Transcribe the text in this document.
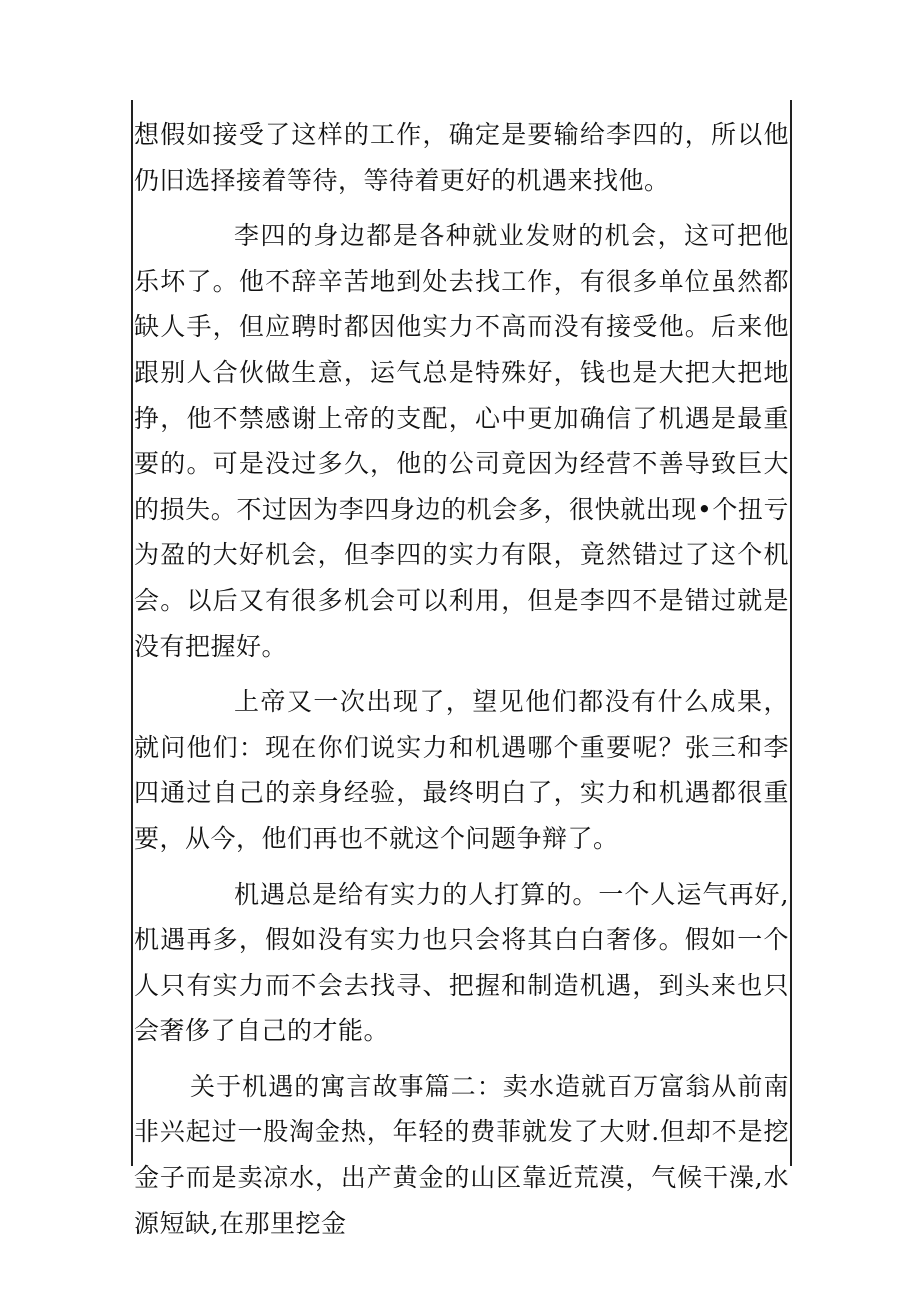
想假如接受了这样的工作，确定是要输给李四的，所以他仍旧选择接着等待，等待着更好的机遇来找他。

李四的身边都是各种就业发财的机会，这可把他乐坏了。他不辞辛苦地到处去找工作，有很多单位虽然都缺人手，但应聘时都因他实力不高而没有接受他。后来他跟别人合伙做生意，运气总是特殊好，钱也是大把大把地挣，他不禁感谢上帝的支配，心中更加确信了机遇是最重要的。可是没过多久，他的公司竟因为经营不善导致巨大的损失。不过因为李四身边的机会多，很快就出现•个扭亏为盈的大好机会，但李四的实力有限，竟然错过了这个机会。以后又有很多机会可以利用，但是李四不是错过就是没有把握好。

上帝又一次出现了，望见他们都没有什么成果，就问他们：现在你们说实力和机遇哪个重要呢？张三和李四通过自己的亲身经验，最终明白了，实力和机遇都很重要，从今，他们再也不就这个问题争辩了。

机遇总是给有实力的人打算的。一个人运气再好,机遇再多，假如没有实力也只会将其白白奢侈。假如一个人只有实力而不会去找寻、把握和制造机遇，到头来也只会奢侈了自己的才能。

关于机遇的寓言故事篇二：卖水造就百万富翁从前南非兴起过一股淘金热，年轻的费菲就发了大财.但却不是挖金子而是卖凉水，出产黄金的山区靠近荒漠，气候干澡,水源短缺,在那里挖金
